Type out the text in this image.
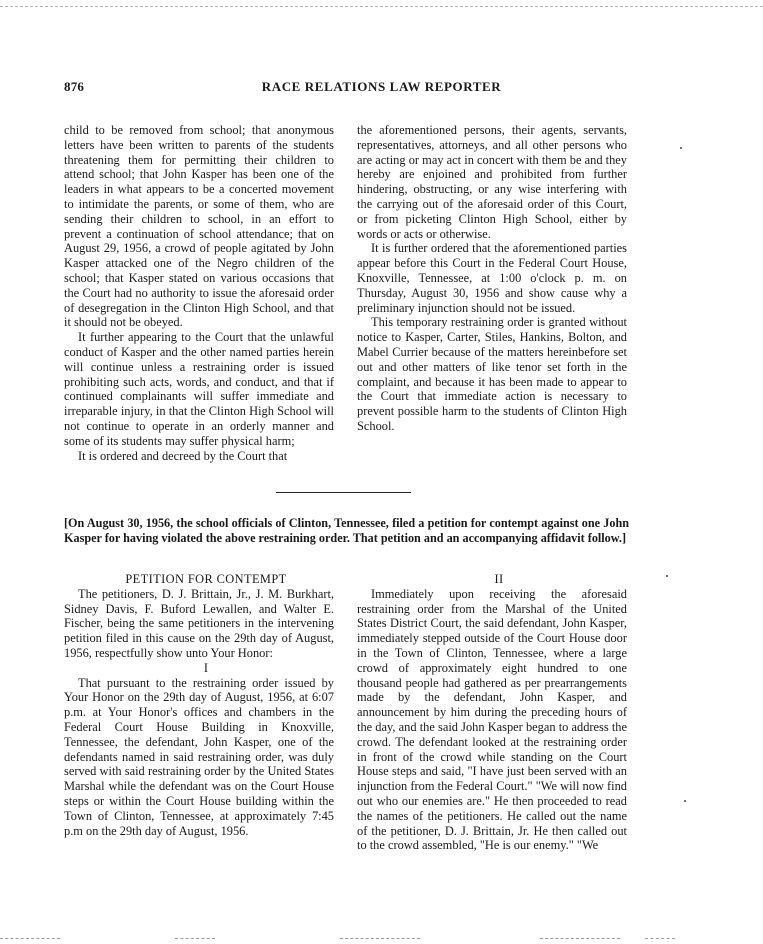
876	RACE RELATIONS LAW REPORTER

child to be removed from school; that anonymous letters have been written to parents of the students threatening them for permitting their children to attend school; that John Kasper has been one of the leaders in what appears to be a concerted movement to intimidate the parents, or some of them, who are sending their children to school, in an effort to prevent a continuation of school attendance; that on August 29, 1956, a crowd of people agitated by John Kasper attacked one of the Negro children of the school; that Kasper stated on various occasions that the Court had no authority to issue the aforesaid order of desegregation in the Clinton High School, and that it should not be obeyed.

It further appearing to the Court that the unlawful conduct of Kasper and the other named parties herein will continue unless a restraining order is issued prohibiting such acts, words, and conduct, and that if continued complainants will suffer immediate and irreparable injury, in that the Clinton High School will not continue to operate in an orderly manner and some of its students may suffer physical harm;

It is ordered and decreed by the Court that

the aforementioned persons, their agents, servants, representatives, attorneys, and all other persons who are acting or may act in concert with them be and they hereby are enjoined and prohibited from further hindering, obstructing, or any wise interfering with the carrying out of the aforesaid order of this Court, or from picketing Clinton High School, either by words or acts or otherwise.

It is further ordered that the aforementioned parties appear before this Court in the Federal Court House, Knoxville, Tennessee, at 1:00 o'clock p. m. on Thursday, August 30, 1956 and show cause why a preliminary injunction should not be issued.

This temporary restraining order is granted without notice to Kasper, Carter, Stiles, Hankins, Bolton, and Mabel Currier because of the matters hereinbefore set out and other matters of like tenor set forth in the complaint, and because it has been made to appear to the Court that immediate action is necessary to prevent possible harm to the students of Clinton High School.

[On August 30, 1956, the school officials of Clinton, Tennessee, filed a petition for contempt against one John Kasper for having violated the above restraining order. That petition and an accompanying affidavit follow.]

PETITION FOR CONTEMPT

The petitioners, D. J. Brittain, Jr., J. M. Burkhart, Sidney Davis, F. Buford Lewallen, and Walter E. Fischer, being the same petitioners in the intervening petition filed in this cause on the 29th day of August, 1956, respectfully show unto Your Honor:

I

That pursuant to the restraining order issued by Your Honor on the 29th day of August, 1956, at 6:07 p.m. at Your Honor's offices and chambers in the Federal Court House Building in Knoxville, Tennessee, the defendant, John Kasper, one of the defendants named in said restraining order, was duly served with said restraining order by the United States Marshal while the defendant was on the Court House steps or within the Court House building within the Town of Clinton, Tennessee, at approximately 7:45 p.m on the 29th day of August, 1956.

II

Immediately upon receiving the aforesaid restraining order from the Marshal of the United States District Court, the said defendant, John Kasper, immediately stepped outside of the Court House door in the Town of Clinton, Tennessee, where a large crowd of approximately eight hundred to one thousand people had gathered as per prearrangements made by the defendant, John Kasper, and announcement by him during the preceding hours of the day, and the said John Kasper began to address the crowd. The defendant looked at the restraining order in front of the crowd while standing on the Court House steps and said, "I have just been served with an injunction from the Federal Court." "We will now find out who our enemies are." He then proceeded to read the names of the petitioners. He called out the name of the petitioner, D. J. Brittain, Jr. He then called out to the crowd assembled, "He is our enemy." "We
